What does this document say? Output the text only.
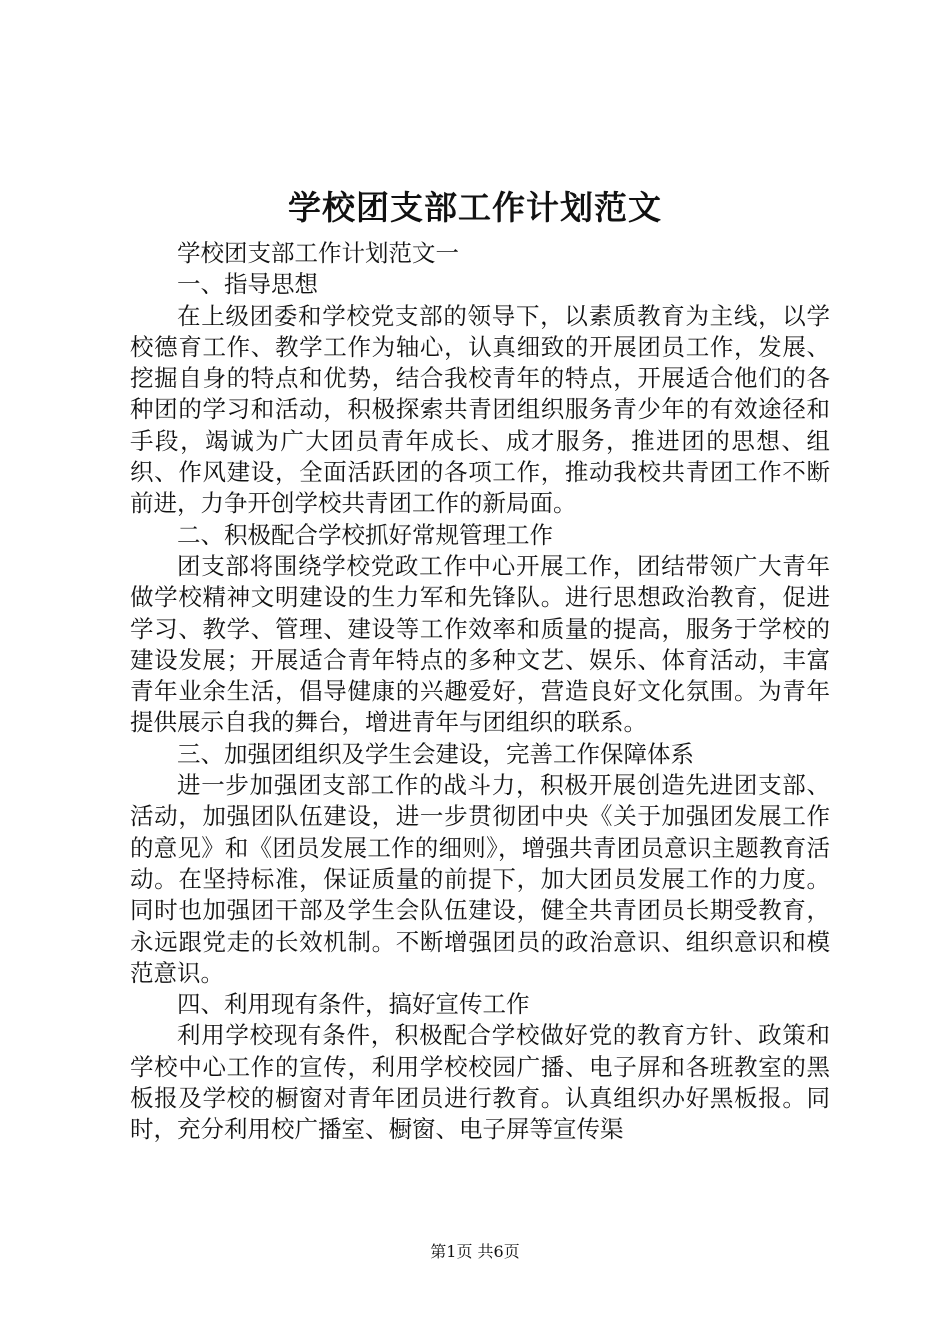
学校团支部工作计划范文

学校团支部工作计划范文一

一、指导思想

在上级团委和学校党支部的领导下，以素质教育为主线，以学校德育工作、教学工作为轴心，认真细致的开展团员工作，发展、挖掘自身的特点和优势，结合我校青年的特点，开展适合他们的各种团的学习和活动，积极探索共青团组织服务青少年的有效途径和手段，竭诚为广大团员青年成长、成才服务，推进团的思想、组织、作风建设，全面活跃团的各项工作，推动我校共青团工作不断前进，力争开创学校共青团工作的新局面。

二、积极配合学校抓好常规管理工作

团支部将围绕学校党政工作中心开展工作，团结带领广大青年做学校精神文明建设的生力军和先锋队。进行思想政治教育，促进学习、教学、管理、建设等工作效率和质量的提高，服务于学校的建设发展；开展适合青年特点的多种文艺、娱乐、体育活动，丰富青年业余生活，倡导健康的兴趣爱好，营造良好文化氛围。为青年提供展示自我的舞台，增进青年与团组织的联系。

三、加强团组织及学生会建设，完善工作保障体系

进一步加强团支部工作的战斗力，积极开展创造先进团支部、活动，加强团队伍建设，进一步贯彻团中央《关于加强团发展工作的意见》和《团员发展工作的细则》，增强共青团员意识主题教育活动。在坚持标准，保证质量的前提下，加大团员发展工作的力度。同时也加强团干部及学生会队伍建设，健全共青团员长期受教育，永远跟党走的长效机制。不断增强团员的政治意识、组织意识和模范意识。

四、利用现有条件，搞好宣传工作

利用学校现有条件，积极配合学校做好党的教育方针、政策和学校中心工作的宣传，利用学校校园广播、电子屏和各班教室的黑板报及学校的橱窗对青年团员进行教育。认真组织办好黑板报。同时，充分利用校广播室、橱窗、电子屏等宣传渠

第1页 共6页
